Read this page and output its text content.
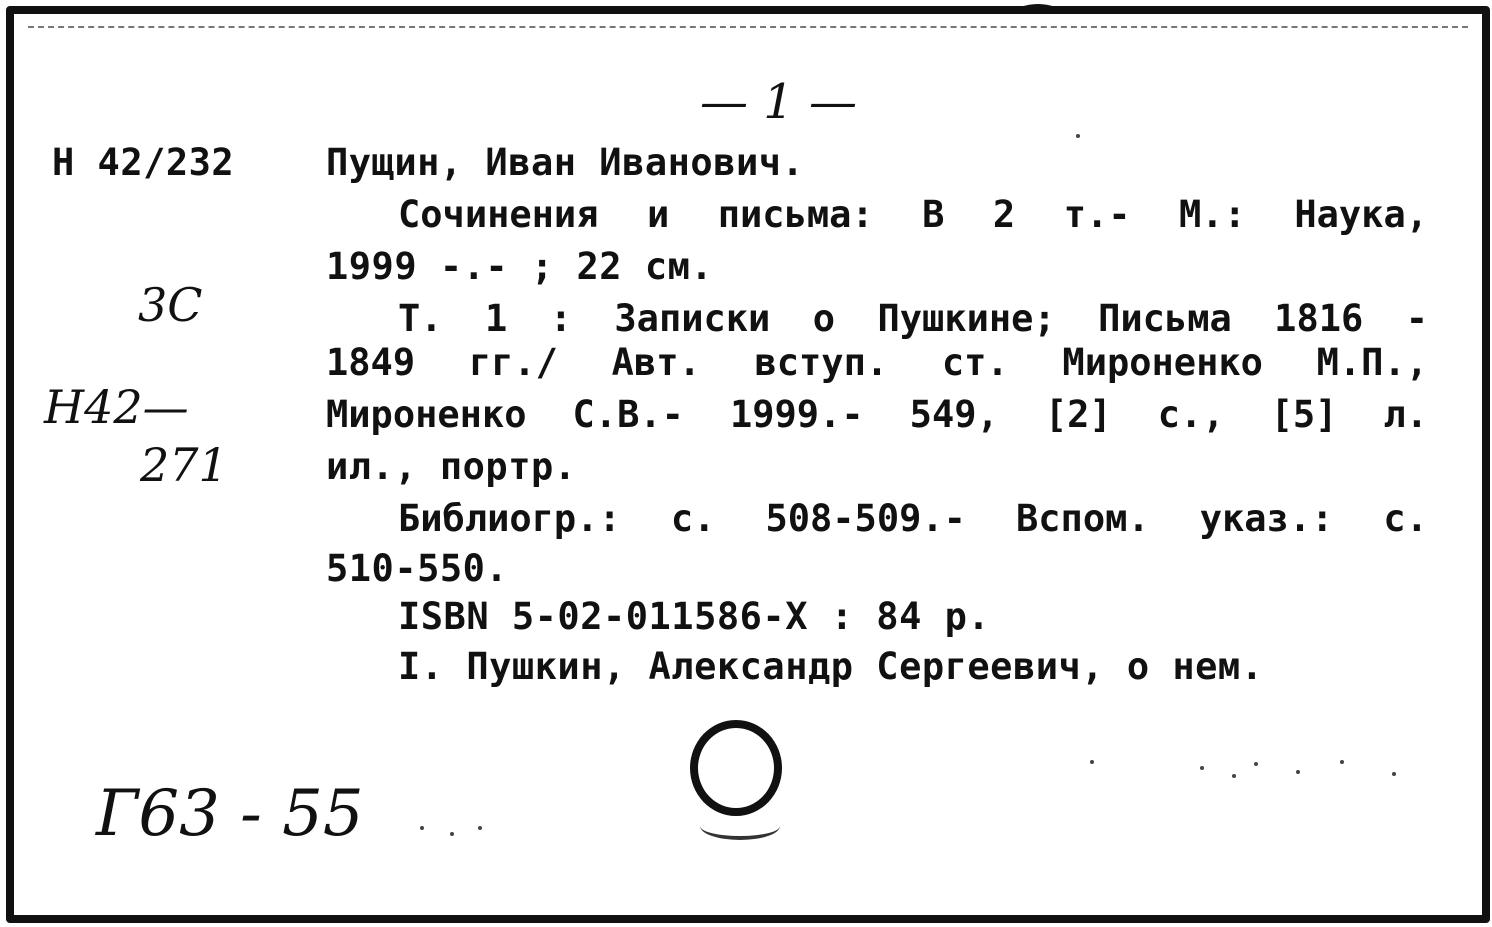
— 1 —
Н 42/232
3С
Н42—
271
Г63 - 55
Пущин, Иван Иванович.
Сочинения и письма: В 2 т.- М.: Наука,
1999 -.- ; 22 см.
Т. 1 : Записки о Пушкине; Письма 1816 -
1849 гг./ Авт. вступ. ст. Мироненко М.П.,
Мироненко С.В.- 1999.- 549, [2] с., [5] л.
ил., портр.
Библиогр.: с. 508-509.- Вспом. указ.: с.
510-550.
ISBN 5-02-011586-Х : 84 р.
I. Пушкин, Александр Сергеевич, о нем.
